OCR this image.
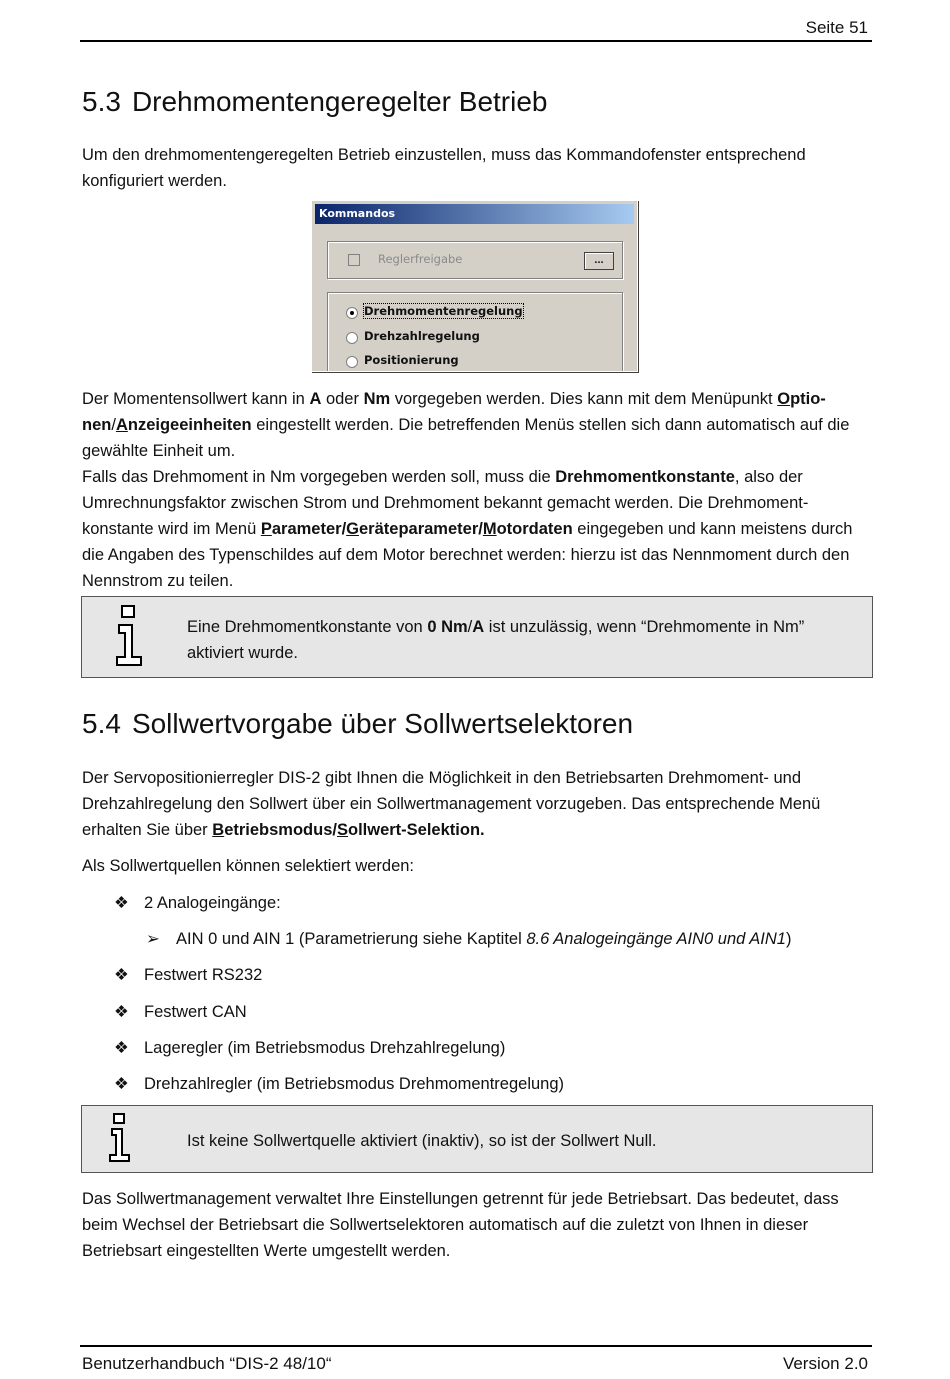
Seite 51
5.3 Drehmomentengeregelter Betrieb

Um den drehmomentengeregelten Betrieb einzustellen, muss das Kommandofenster entsprechend konfiguriert werden.

Kommandos
Reglerfreigabe	...
Drehmomentenregelung
Drehzahlregelung
Positionierung

Der Momentensollwert kann in A oder Nm vorgegeben werden. Dies kann mit dem Menüpunkt Optio-
nen/Anzeigeeinheiten eingestellt werden. Die betreffenden Menüs stellen sich dann automatisch auf die gewählte Einheit um.

Falls das Drehmoment in Nm vorgegeben werden soll, muss die Drehmomentkonstante, also der Umrechnungsfaktor zwischen Strom und Drehmoment bekannt gemacht werden. Die Drehmoment-konstante wird im Menü Parameter/Geräteparameter/Motordaten eingegeben und kann meistens durch die Angaben des Typenschildes auf dem Motor berechnet werden: hierzu ist das Nennmoment durch den Nennstrom zu teilen.

Eine Drehmomentkonstante von 0 Nm/A ist unzulässig, wenn “Drehmomente in Nm” aktiviert wurde.
5.4 Sollwertvorgabe über Sollwertselektoren

Der Servopositionierregler DIS-2 gibt Ihnen die Möglichkeit in den Betriebsarten Drehmoment- und Drehzahlregelung den Sollwert über ein Sollwertmanagement vorzugeben. Das entsprechende Menü erhalten Sie über Betriebsmodus/Sollwert-Selektion.

Als Sollwertquellen können selektiert werden:

❖ 2 Analogeingänge:
➢ AIN 0 und AIN 1 (Parametrierung siehe Kaptitel 8.6 Analogeingänge AIN0 und AIN1)
❖ Festwert RS232
❖ Festwert CAN
❖ Lageregler (im Betriebsmodus Drehzahlregelung)
❖ Drehzahlregler (im Betriebsmodus Drehmomentregelung)
Ist keine Sollwertquelle aktiviert (inaktiv), so ist der Sollwert Null.

Das Sollwertmanagement verwaltet Ihre Einstellungen getrennt für jede Betriebsart. Das bedeutet, dass beim Wechsel der Betriebsart die Sollwertselektoren automatisch auf die zuletzt von Ihnen in dieser Betriebsart eingestellten Werte umgestellt werden.

Benutzerhandbuch “DIS-2 48/10“	Version 2.0
